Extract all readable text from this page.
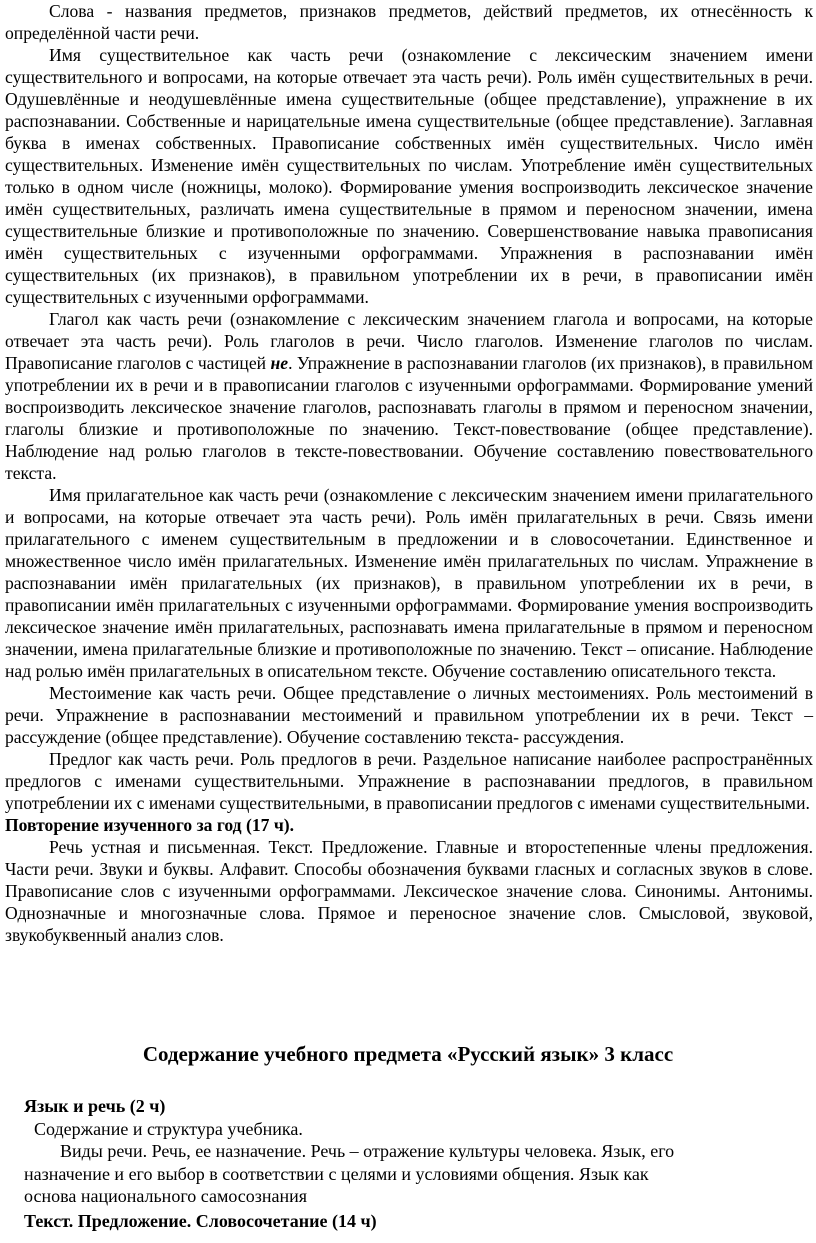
Слова - названия предметов, признаков предметов, действий предметов, их отнесённость к определённой части речи.

Имя существительное как часть речи (ознакомление с лексическим значением имени существительного и вопросами, на которые отвечает эта часть речи). Роль имён существительных в речи. Одушевлённые и неодушевлённые имена существительные (общее представление), упражнение в их распознавании. Собственные и нарицательные имена существительные (общее представление). Заглавная буква в именах собственных. Правописание собственных имён существительных. Число имён существительных. Изменение имён существительных по числам. Употребление имён существительных только в одном числе (ножницы, молоко). Формирование умения воспроизводить лексическое значение имён существительных, различать имена существительные в прямом и переносном значении, имена существительные близкие и противоположные по значению. Совершенствование навыка правописания имён существительных с изученными орфограммами. Упражнения в распознавании имён существительных (их признаков), в правильном употреблении их в речи, в правописании имён существительных с изученными орфограммами.

Глагол как часть речи (ознакомление с лексическим значением глагола и вопросами, на которые отвечает эта часть речи). Роль глаголов в речи. Число глаголов. Изменение глаголов по числам. Правописание глаголов с частицей не. Упражнение в распознавании глаголов (их признаков), в правильном употреблении их в речи и в правописании глаголов с изученными орфограммами. Формирование умений воспроизводить лексическое значение глаголов, распознавать глаголы в прямом и переносном значении, глаголы близкие и противоположные по значению. Текст-повествование (общее представление). Наблюдение над ролью глаголов в тексте-повествовании. Обучение составлению повествовательного текста.

Имя прилагательное как часть речи (ознакомление с лексическим значением имени прилагательного и вопросами, на которые отвечает эта часть речи). Роль имён прилагательных в речи. Связь имени прилагательного с именем существительным в предложении и в словосочетании. Единственное и множественное число имён прилагательных. Изменение имён прилагательных по числам. Упражнение в распознавании имён прилагательных (их признаков), в правильном употреблении их в речи, в правописании имён прилагательных с изученными орфограммами. Формирование умения воспроизводить лексическое значение имён прилагательных, распознавать имена прилагательные в прямом и переносном значении, имена прилагательные близкие и противоположные по значению. Текст – описание. Наблюдение над ролью имён прилагательных в описательном тексте. Обучение составлению описательного текста.

Местоимение как часть речи. Общее представление о личных местоимениях. Роль местоимений в речи. Упражнение в распознавании местоимений и правильном употреблении их в речи. Текст – рассуждение (общее представление). Обучение составлению текста- рассуждения.

Предлог как часть речи. Роль предлогов в речи. Раздельное написание наиболее распространённых предлогов с именами существительными. Упражнение в распознавании предлогов, в правильном употреблении их с именами существительными, в правописании предлогов с именами существительными.

Повторение изученного за год (17 ч).

Речь устная и письменная. Текст. Предложение. Главные и второстепенные члены предложения. Части речи. Звуки и буквы. Алфавит. Способы обозначения буквами гласных и согласных звуков в слове. Правописание слов с изученными орфограммами. Лексическое значение слова. Синонимы. Антонимы. Однозначные и многозначные слова. Прямое и переносное значение слов. Смысловой, звуковой, звукобуквенный анализ слов.

Содержание учебного предмета «Русский язык» 3 класс

Язык и речь (2 ч)

Содержание и структура учебника.

Виды речи. Речь, ее назначение. Речь – отражение культуры человека. Язык, его

назначение и его выбор в соответствии с целями и условиями общения. Язык как

основа национального самосознания

Текст. Предложение. Словосочетание (14 ч)
